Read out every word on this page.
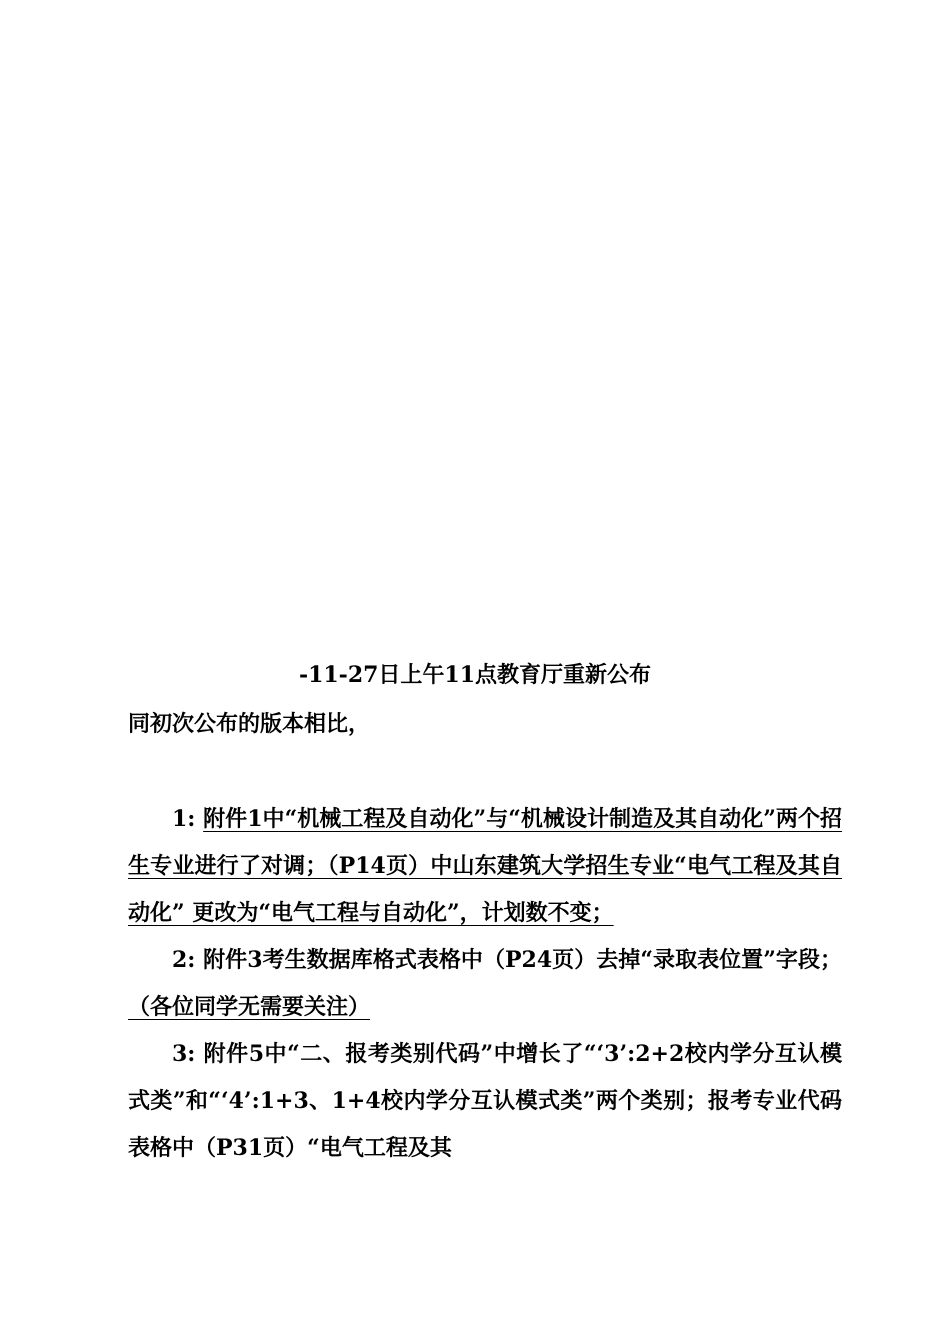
-11-27日上午11点教育厅重新公布
同初次公布的版本相比，

1: 附件1中“机械工程及自动化”与“机械设计制造及其自动化”两个招生专业进行了对调；（P14页）中山东建筑大学招生专业“电气工程及其自动化” 更改为“电气工程与自动化”，计划数不变；

2: 附件3考生数据库格式表格中（P24页）去掉“录取表位置”字段； （各位同学无需要关注）

3: 附件5中“二、报考类别代码”中增长了“‘3’:2+2校内学分互认模式类”和“‘4’:1+3、1+4校内学分互认模式类”两个类别；报考专业代码表格中（P31页）“电气工程及其
